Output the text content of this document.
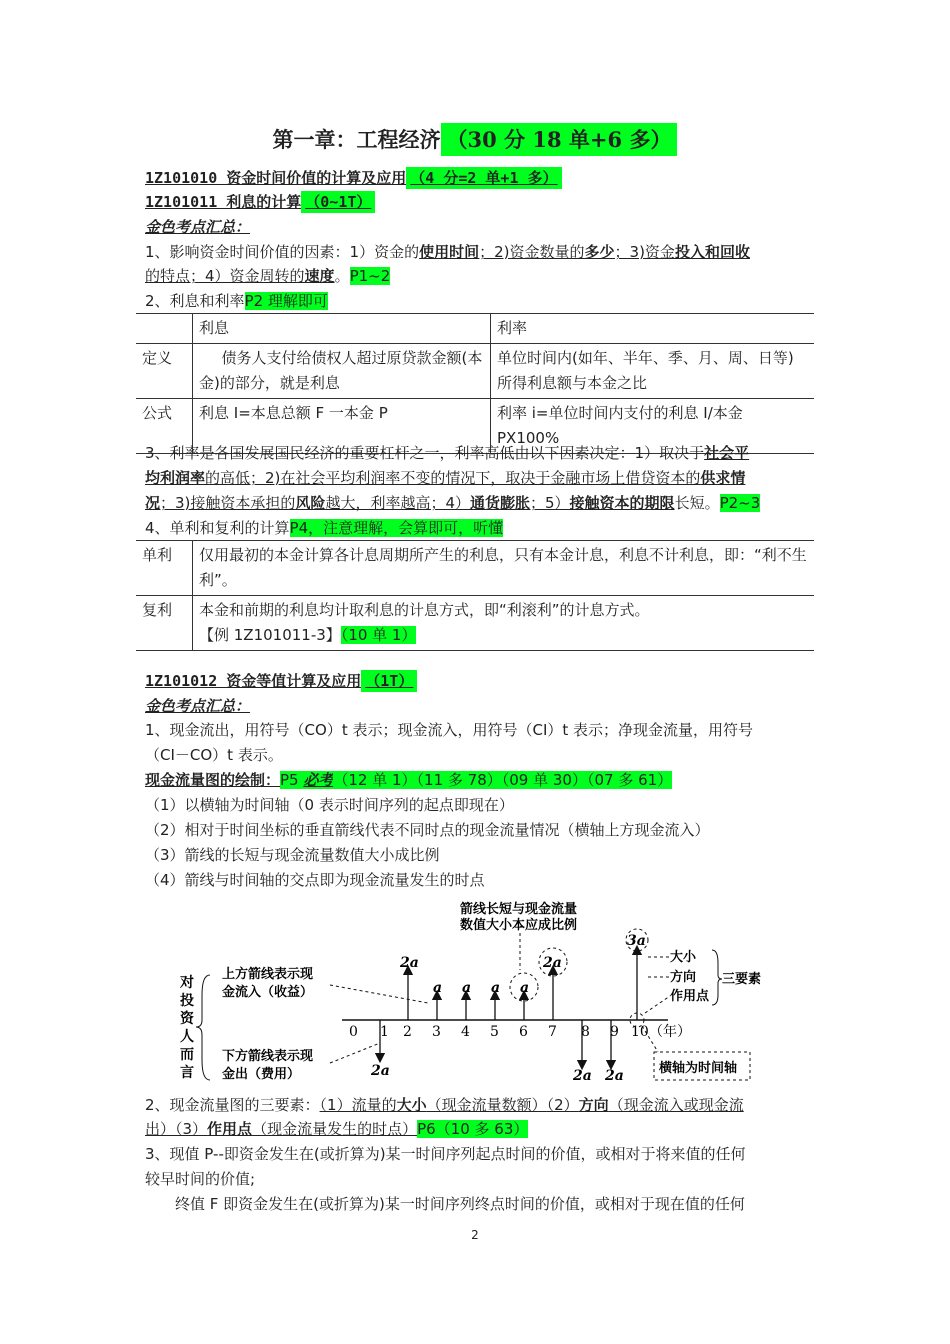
第一章：工程经济 （30 分 18 单+6 多）
1Z101010 资金时间价值的计算及应用 （4 分=2 单+1 多）
1Z101011 利息的计算 （0~1T）
金色考点汇总：
1、影响资金时间价值的因素：1）资金的使用时间；2)资金数量的多少；3)资金投入和回收
的特点；4）资金周转的速度。P1~2
2、利息和利率P2 理解即可
	利息	利率
定义	债务人支付给债权人超过原贷款金额(本金)的部分，就是利息	单位时间内(如年、半年、季、月、周、日等)所得利息额与本金之比
公式	利息 I=本息总额 F 一本金 P	利率 i=单位时间内支付的利息 I/本金 PX100%
3、利率是各国发展国民经济的重要杠杆之一，利率高低由以下因素决定：1）取决于社会平
均利润率的高低；2)在社会平均利润率不变的情况下，取决于金融市场上借贷资本的供求情
况；3)接触资本承担的风险越大，利率越高；4）通货膨胀；5）接触资本的期限长短。P2~3
4、单利和复利的计算P4，注意理解，会算即可，听懂
单利	仅用最初的本金计算各计息周期所产生的利息，只有本金计息，利息不计利息，即：“利不生利”。
复利	本金和前期的利息均计取利息的计息方式，即“利滚利”的计息方式。
【例 1Z101011-3】（10 单 1）
1Z101012 资金等值计算及应用 （1T）
金色考点汇总：
1、现金流出，用符号（CO）t 表示；现金流入，用符号（CI）t 表示；净现金流量，用符号
（CI－CO）t 表示。
现金流量图的绘制：P5 必考（12 单 1）（11 多 78）（09 单 30）（07 多 61）
（1）以横轴为时间轴（0 表示时间序列的起点即现在）
（2）相对于时间坐标的垂直箭线代表不同时点的现金流量情况（横轴上方现金流入）
（3）箭线的长短与现金流量数值大小成比例
（4）箭线与时间轴的交点即为现金流量发生的时点
箭线长短与现金流量
数值大小本应成比例
对
投
资
人
而
言
上方箭线表示现
金流入（收益）
下方箭线表示现
金出（费用）
0 1 2 3 4 5 6 7 8 9 10 （年）
2a
a a a a
2a
3a
2a	2a 2a
大小
方向
作用点
三要素
横轴为时间轴
2、现金流量图的三要素：（1）流量的大小（现金流量数额）（2）方向（现金流入或现金流
出）（3）作用点（现金流量发生的时点）P6（10 多 63）
3、现值 P--即资金发生在(或折算为)某一时间序列起点时间的价值，或相对于将来值的任何
较早时间的价值;
终值 F 即资金发生在(或折算为)某一时间序列终点时间的价值，或相对于现在值的任何
2
